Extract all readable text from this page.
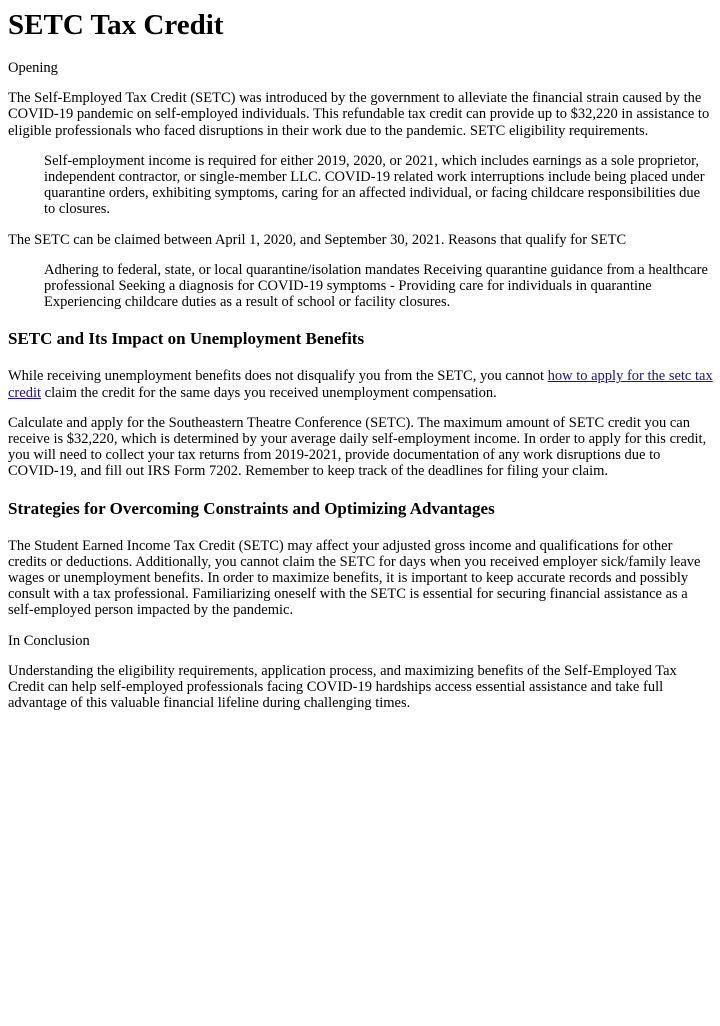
SETC Tax Credit

Opening

The Self-Employed Tax Credit (SETC) was introduced by the government to alleviate the financial strain caused by the COVID-19 pandemic on self-employed individuals. This refundable tax credit can provide up to $32,220 in assistance to eligible professionals who faced disruptions in their work due to the pandemic. SETC eligibility requirements.

Self-employment income is required for either 2019, 2020, or 2021, which includes earnings as a sole proprietor, independent contractor, or single-member LLC. COVID-19 related work interruptions include being placed under quarantine orders, exhibiting symptoms, caring for an affected individual, or facing childcare responsibilities due to closures.

The SETC can be claimed between April 1, 2020, and September 30, 2021. Reasons that qualify for SETC

Adhering to federal, state, or local quarantine/isolation mandates Receiving quarantine guidance from a healthcare professional Seeking a diagnosis for COVID-19 symptoms - Providing care for individuals in quarantine Experiencing childcare duties as a result of school or facility closures.
SETC and Its Impact on Unemployment Benefits

While receiving unemployment benefits does not disqualify you from the SETC, you cannot how to apply for the setc tax credit claim the credit for the same days you received unemployment compensation.

Calculate and apply for the Southeastern Theatre Conference (SETC). The maximum amount of SETC credit you can receive is $32,220, which is determined by your average daily self-employment income. In order to apply for this credit, you will need to collect your tax returns from 2019-2021, provide documentation of any work disruptions due to COVID-19, and fill out IRS Form 7202. Remember to keep track of the deadlines for filing your claim.

Strategies for Overcoming Constraints and Optimizing Advantages

The Student Earned Income Tax Credit (SETC) may affect your adjusted gross income and qualifications for other credits or deductions. Additionally, you cannot claim the SETC for days when you received employer sick/family leave wages or unemployment benefits. In order to maximize benefits, it is important to keep accurate records and possibly consult with a tax professional. Familiarizing oneself with the SETC is essential for securing financial assistance as a self-employed person impacted by the pandemic.

In Conclusion

Understanding the eligibility requirements, application process, and maximizing benefits of the Self-Employed Tax Credit can help self-employed professionals facing COVID-19 hardships access essential assistance and take full advantage of this valuable financial lifeline during challenging times.
